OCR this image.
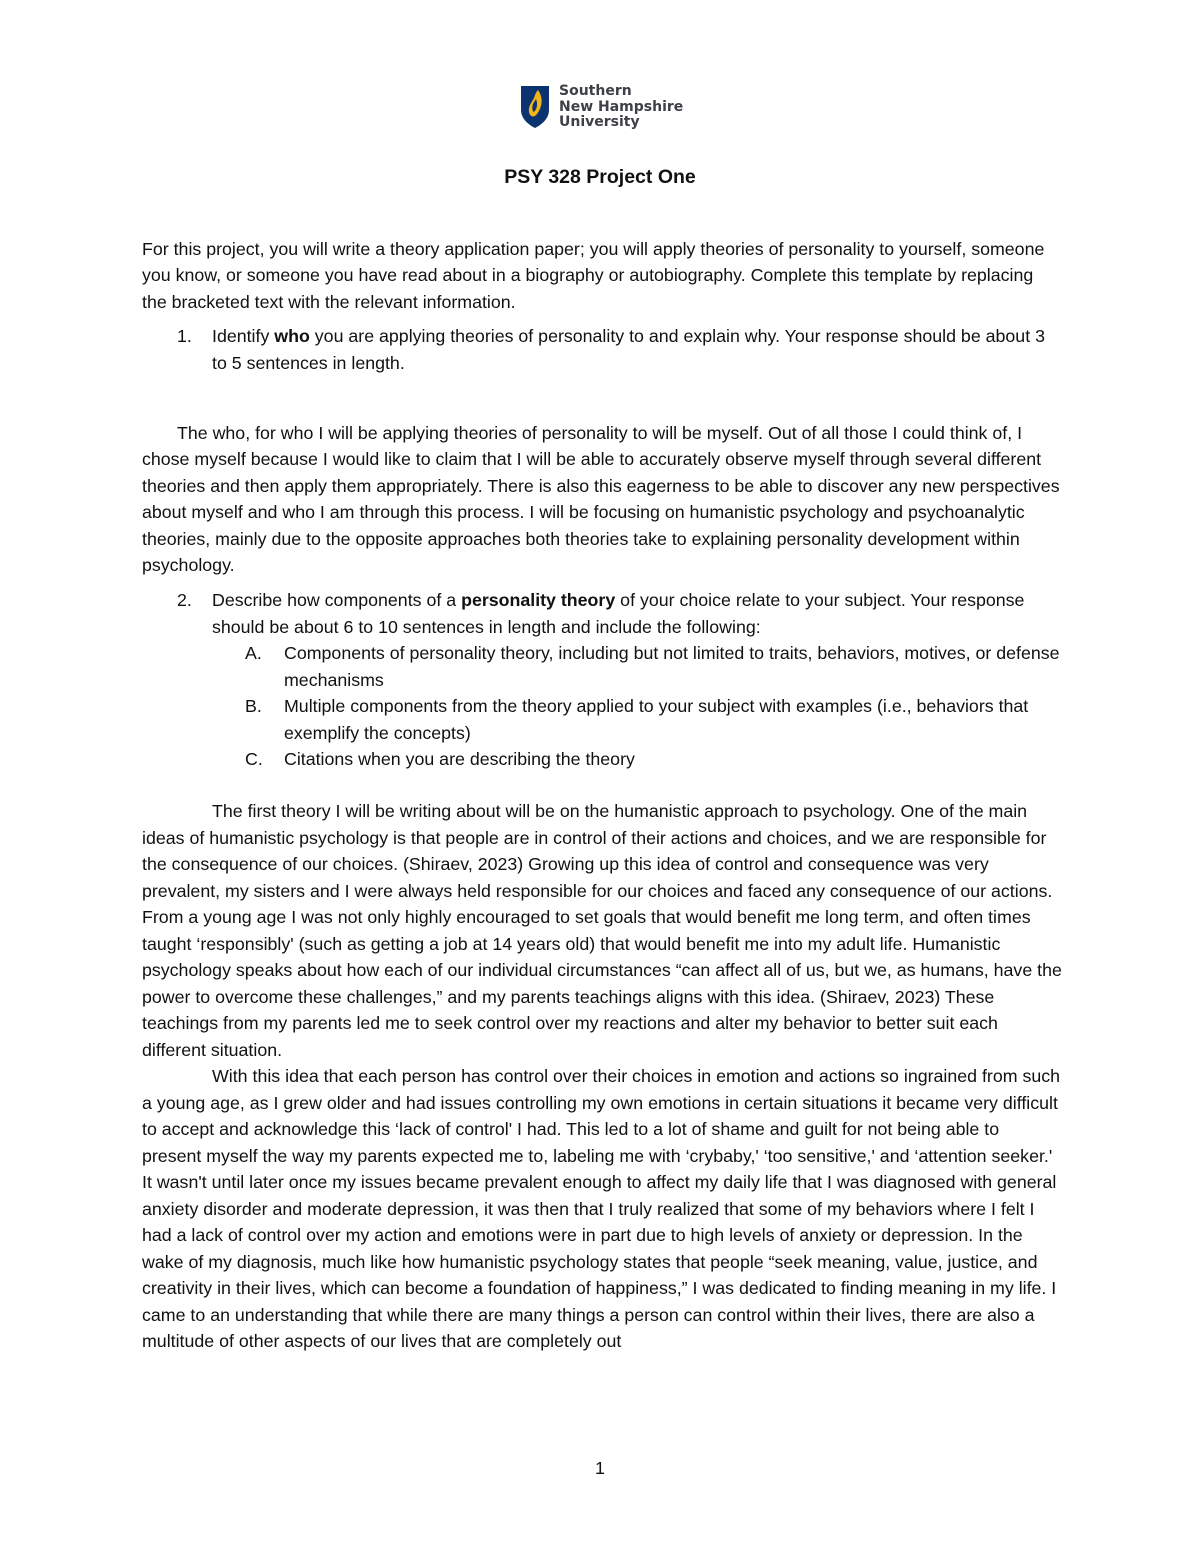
Southern
New Hampshire
University
PSY 328 Project One

For this project, you will write a theory application paper; you will apply theories of personality to yourself, someone you know, or someone you have read about in a biography or autobiography. Complete this template by replacing the bracketed text with the relevant information.

1.	Identify who you are applying theories of personality to and explain why. Your response should be about 3 to 5 sentences in length.

The who, for who I will be applying theories of personality to will be myself. Out of all those I could think of, I chose myself because I would like to claim that I will be able to accurately observe myself through several different theories and then apply them appropriately. There is also this eagerness to be able to discover any new perspectives about myself and who I am through this process. I will be focusing on humanistic psychology and psychoanalytic theories, mainly due to the opposite approaches both theories take to explaining personality development within psychology.

2.	Describe how components of a personality theory of your choice relate to your subject. Your response should be about 6 to 10 sentences in length and include the following:
A.	Components of personality theory, including but not limited to traits, behaviors, motives, or defense mechanisms
B.	Multiple components from the theory applied to your subject with examples (i.e., behaviors that exemplify the concepts)
C.	Citations when you are describing the theory

The first theory I will be writing about will be on the humanistic approach to psychology. One of the main ideas of humanistic psychology is that people are in control of their actions and choices, and we are responsible for the consequence of our choices. (Shiraev, 2023) Growing up this idea of control and consequence was very prevalent, my sisters and I were always held responsible for our choices and faced any consequence of our actions. From a young age I was not only highly encouraged to set goals that would benefit me long term, and often times taught ‘responsibly' (such as getting a job at 14 years old) that would benefit me into my adult life. Humanistic psychology speaks about how each of our individual circumstances “can affect all of us, but we, as humans, have the power to overcome these challenges,” and my parents teachings aligns with this idea. (Shiraev, 2023) These teachings from my parents led me to seek control over my reactions and alter my behavior to better suit each different situation.

With this idea that each person has control over their choices in emotion and actions so ingrained from such a young age, as I grew older and had issues controlling my own emotions in certain situations it became very difficult to accept and acknowledge this ‘lack of control' I had. This led to a lot of shame and guilt for not being able to present myself the way my parents expected me to, labeling me with ‘crybaby,' ‘too sensitive,' and ‘attention seeker.' It wasn't until later once my issues became prevalent enough to affect my daily life that I was diagnosed with general anxiety disorder and moderate depression, it was then that I truly realized that some of my behaviors where I felt I had a lack of control over my action and emotions were in part due to high levels of anxiety or depression. In the wake of my diagnosis, much like how humanistic psychology states that people “seek meaning, value, justice, and creativity in their lives, which can become a foundation of happiness,” I was dedicated to finding meaning in my life. I came to an understanding that while there are many things a person can control within their lives, there are also a multitude of other aspects of our lives that are completely out

1
